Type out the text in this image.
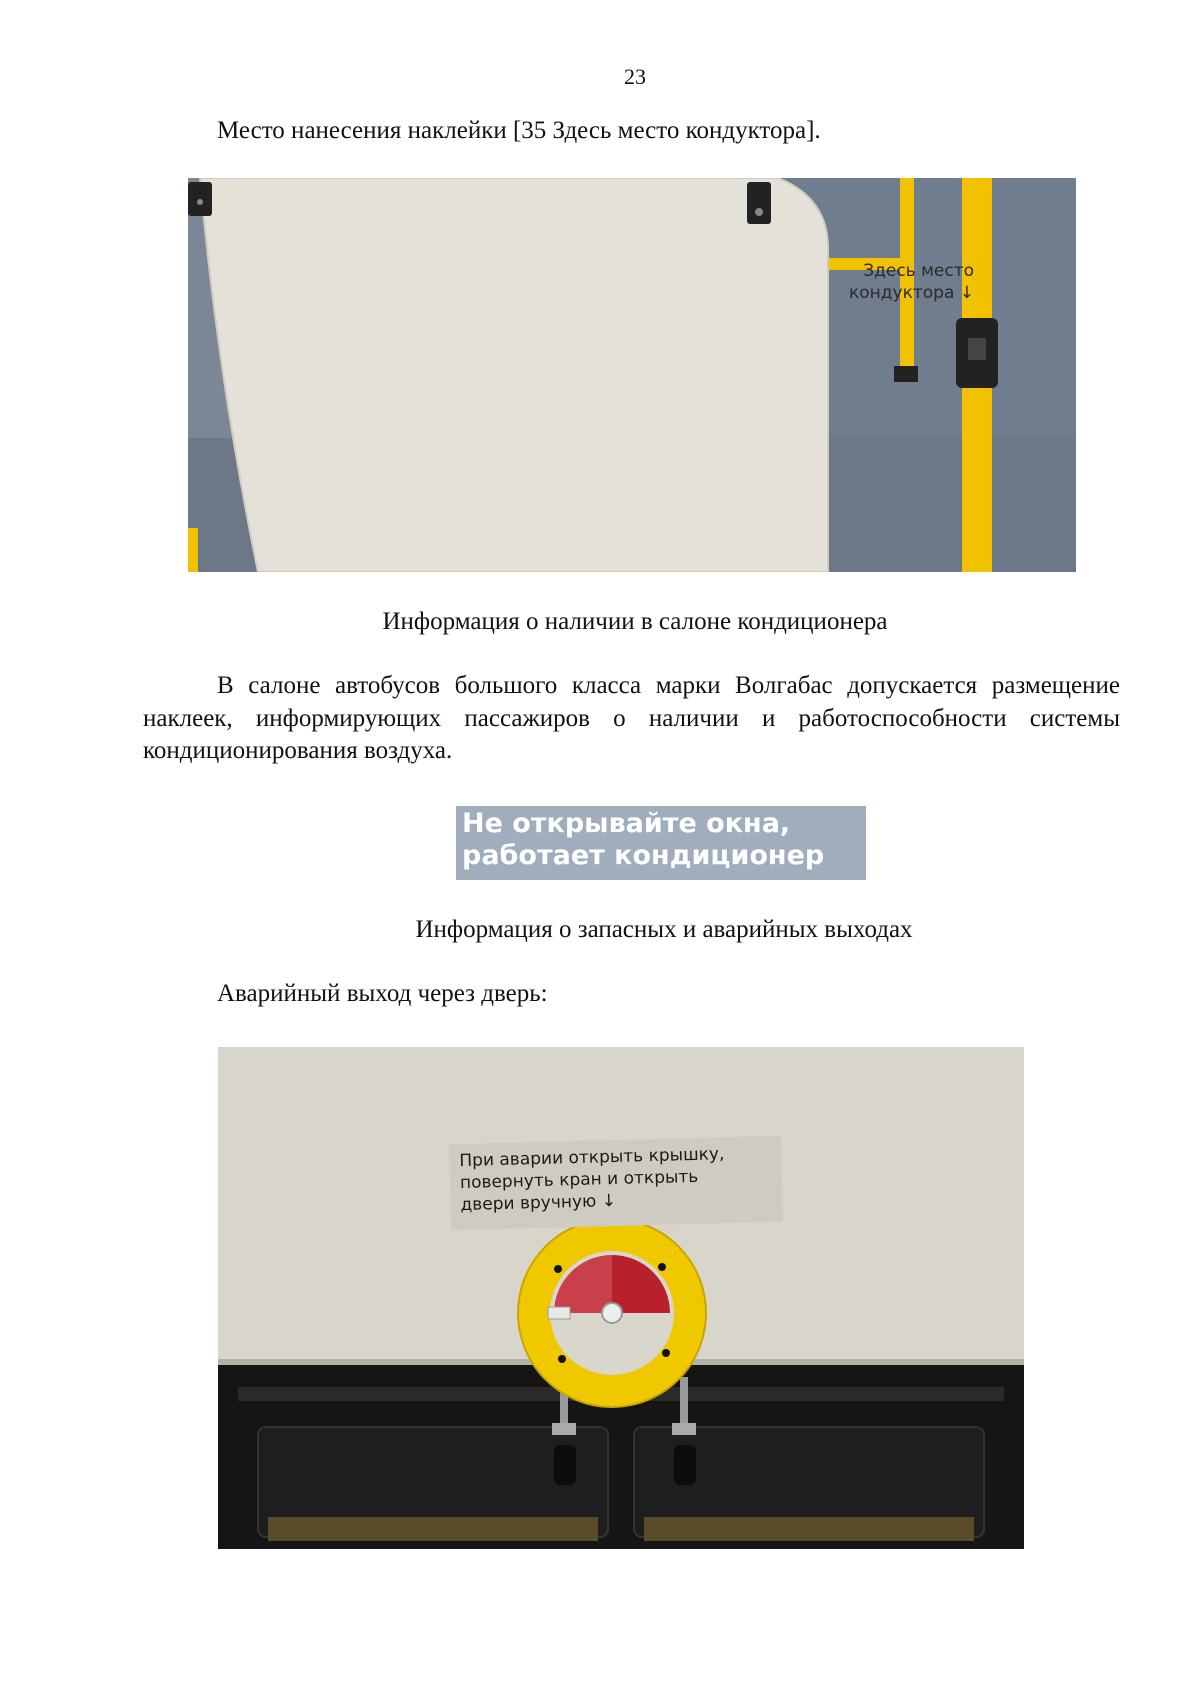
23
Место нанесения наклейки [35 Здесь место кондуктора].
Здесь место
кондуктора ↓
Информация о наличии в салоне кондиционера
В салоне автобусов большого класса марки Волгабас допускается размещение наклеек, информирующих пассажиров о наличии и работоспособности системы кондиционирования воздуха.
Не открывайте окна,
работает кондиционер
Информация о запасных и аварийных выходах
Аварийный выход через дверь:
При аварии открыть крышку,
повернуть кран и открыть
двери вручную ↓
